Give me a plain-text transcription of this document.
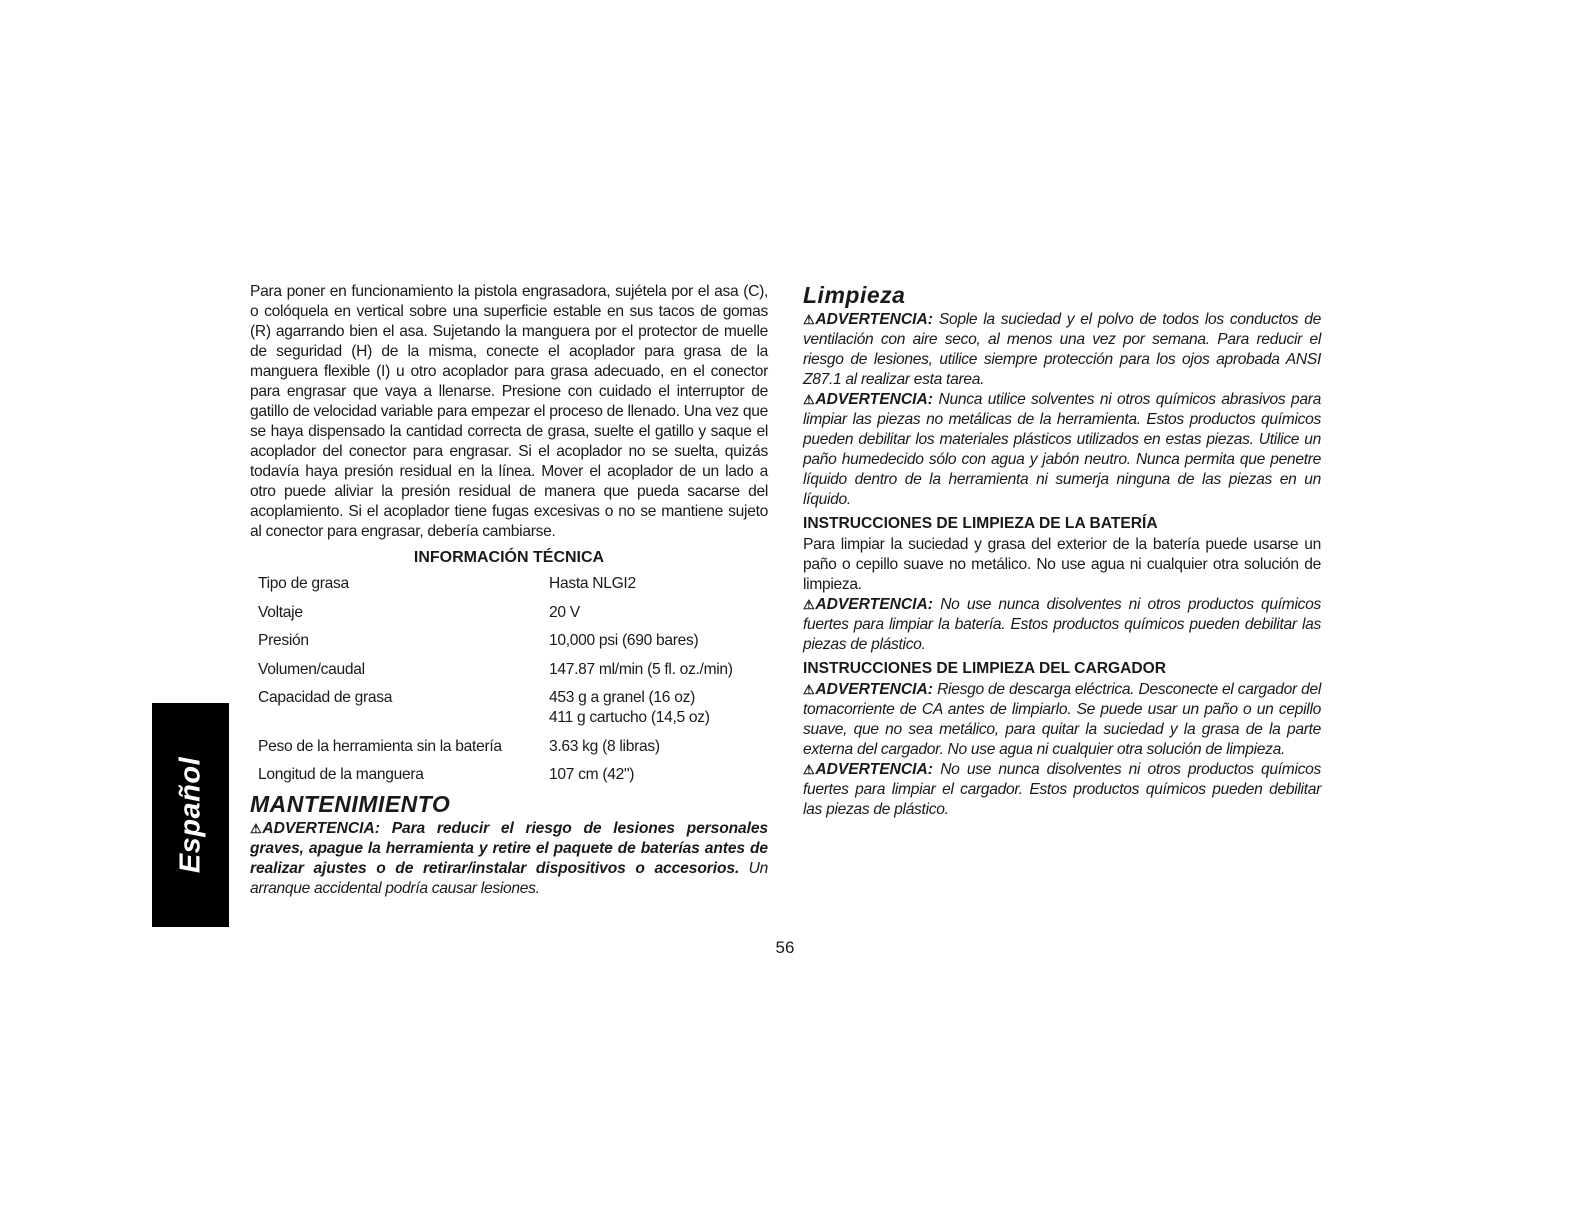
Español

Para poner en funcionamiento la pistola engrasadora, sujétela por el asa (C), o colóquela en vertical sobre una superficie estable en sus tacos de gomas (R) agarrando bien el asa. Sujetando la manguera por el protector de muelle de seguridad (H) de la misma, conecte el acoplador para grasa de la manguera flexible (I) u otro acoplador para grasa adecuado, en el conector para engrasar que vaya a llenarse. Presione con cuidado el interruptor de gatillo de velocidad variable para empezar el proceso de llenado. Una vez que se haya dispensado la cantidad correcta de grasa, suelte el gatillo y saque el acoplador del conector para engrasar. Si el acoplador no se suelta, quizás todavía haya presión residual en la línea. Mover el acoplador de un lado a otro puede aliviar la presión residual de manera que pueda sacarse del acoplamiento. Si el acoplador tiene fugas excesivas o no se mantiene sujeto al conector para engrasar, debería cambiarse.

INFORMACIÓN TÉCNICA
Tipo de grasa	Hasta NLGI2
Voltaje	20 V
Presión	10,000 psi (690 bares)
Volumen/caudal	147.87 ml/min (5 fl. oz./min)
Capacidad de grasa	453 g a granel (16 oz)
411 g cartucho (14,5 oz)

Peso de la herramienta sin la batería	3.63 kg (8 libras)
Longitud de la manguera	107 cm (42")
MANTENIMIENTO

⚠ADVERTENCIA: Para reducir el riesgo de lesiones personales graves, apague la herramienta y retire el paquete de baterías antes de realizar ajustes o de retirar/instalar dispositivos o accesorios. Un arranque accidental podría causar lesiones.

Limpieza

⚠ADVERTENCIA: Sople la suciedad y el polvo de todos los conductos de ventilación con aire seco, al menos una vez por semana. Para reducir el riesgo de lesiones, utilice siempre protección para los ojos aprobada ANSI Z87.1 al realizar esta tarea.

⚠ADVERTENCIA: Nunca utilice solventes ni otros químicos abrasivos para limpiar las piezas no metálicas de la herramienta. Estos productos químicos pueden debilitar los materiales plásticos utilizados en estas piezas. Utilice un paño humedecido sólo con agua y jabón neutro. Nunca permita que penetre líquido dentro de la herramienta ni sumerja ninguna de las piezas en un líquido.

INSTRUCCIONES DE LIMPIEZA DE LA BATERÍA

Para limpiar la suciedad y grasa del exterior de la batería puede usarse un paño o cepillo suave no metálico. No use agua ni cualquier otra solución de limpieza.

⚠ADVERTENCIA: No use nunca disolventes ni otros productos químicos fuertes para limpiar la batería. Estos productos químicos pueden debilitar las piezas de plástico.

INSTRUCCIONES DE LIMPIEZA DEL CARGADOR

⚠ADVERTENCIA: Riesgo de descarga eléctrica. Desconecte el cargador del tomacorriente de CA antes de limpiarlo. Se puede usar un paño o un cepillo suave, que no sea metálico, para quitar la suciedad y la grasa de la parte externa del cargador. No use agua ni cualquier otra solución de limpieza.

⚠ADVERTENCIA: No use nunca disolventes ni otros productos químicos fuertes para limpiar el cargador. Estos productos químicos pueden debilitar las piezas de plástico.

56
